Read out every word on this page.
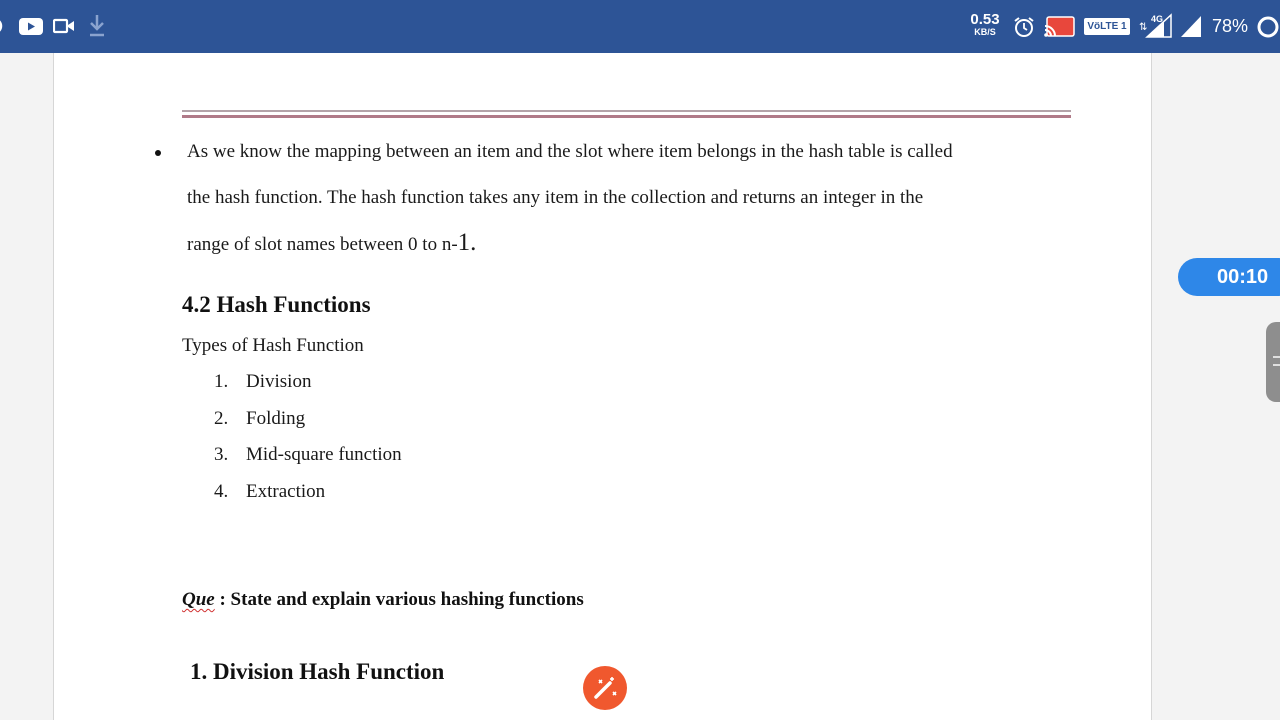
0.53
KB/S	VöLTE 1
4G
⇅	78%
As we know the mapping between an item and the slot where item belongs in the hash table is called
the hash function. The hash function takes any item in the collection and returns an integer in the
range of slot names between 0 to n-1.
4.2 Hash Functions
Types of Hash Function
1. Division
2. Folding
3. Mid-square function
4. Extraction
Que : State and explain various hashing functions
1. Division Hash Function
00:10
